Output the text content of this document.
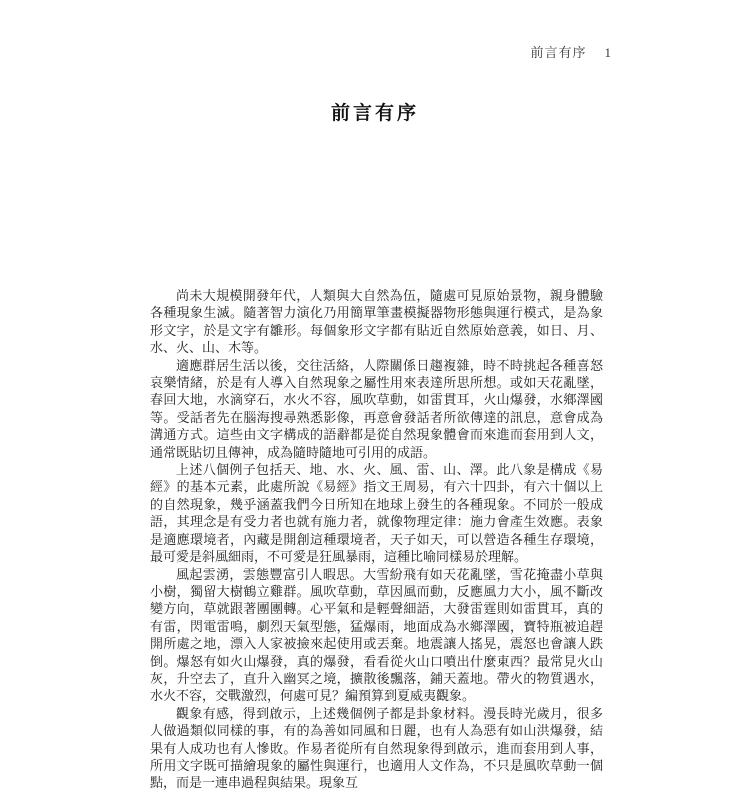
前言有序 1
前言有序

尚未大規模開發年代，人類與大自然為伍，隨處可見原始景物，親身體驗各種現象生滅。隨著智力演化乃用簡單筆畫模擬器物形態與運行模式，是為象形文字，於是文字有雛形。每個象形文字都有貼近自然原始意義，如日、月、水、火、山、木等。

適應群居生活以後，交往活絡，人際關係日趨複雜，時不時挑起各種喜怒哀樂情緒，於是有人導入自然現象之屬性用來表達所思所想。或如天花亂墜，春回大地，水滴穿石，水火不容，風吹草動，如雷貫耳，火山爆發，水鄉澤國等。受話者先在腦海搜尋熟悉影像，再意會發話者所欲傳達的訊息，意會成為溝通方式。這些由文字構成的語辭都是從自然現象體會而來進而套用到人文，通常既貼切且傳神，成為隨時隨地可引用的成語。

上述八個例子包括天、地、水、火、風、雷、山、澤。此八象是構成《易經》的基本元素，此處所說《易經》指文王周易，有六十四卦，有六十個以上的自然現象，幾乎涵蓋我們今日所知在地球上發生的各種現象。不同於一般成語，其理念是有受力者也就有施力者，就像物理定律：施力會產生效應。表象是適應環境者，內藏是開創這種環境者，天子如天，可以營造各種生存環境，最可愛是斜風細雨，不可愛是狂風暴雨，這種比喻同樣易於理解。

風起雲湧，雲態豐富引人暇思。大雪紛飛有如天花亂墜，雪花掩盡小草與小樹，獨留大樹鶴立雞群。風吹草動，草因風而動，反應風力大小，風不斷改變方向，草就跟著團團轉。心平氣和是輕聲細語，大發雷霆則如雷貫耳，真的有雷，閃電雷鳴，劇烈天氣型態，猛爆雨，地面成為水鄉澤國，寶特瓶被追趕開所處之地，漂入人家被撿來起使用或丟棄。地震讓人搖晃，震怒也會讓人跌倒。爆怒有如火山爆發，真的爆發，看看從火山口噴出什麼東西？最常見火山灰，升空去了，直升入幽冥之境，擴散後飄落，鋪天蓋地。帶火的物質遇水，水火不容，交戰激烈，何處可見？編預算到夏威夷觀象。

觀象有感，得到啟示，上述幾個例子都是卦象材料。漫長時光歲月，很多人做過類似同樣的事，有的為善如同風和日麗，也有人為惡有如山洪爆發，結果有人成功也有人慘敗。作易者從所有自然現象得到啟示，進而套用到人事，所用文字既可描繪現象的屬性與運行，也適用人文作為，不只是風吹草動一個點，而是一連串過程與結果。現象互
